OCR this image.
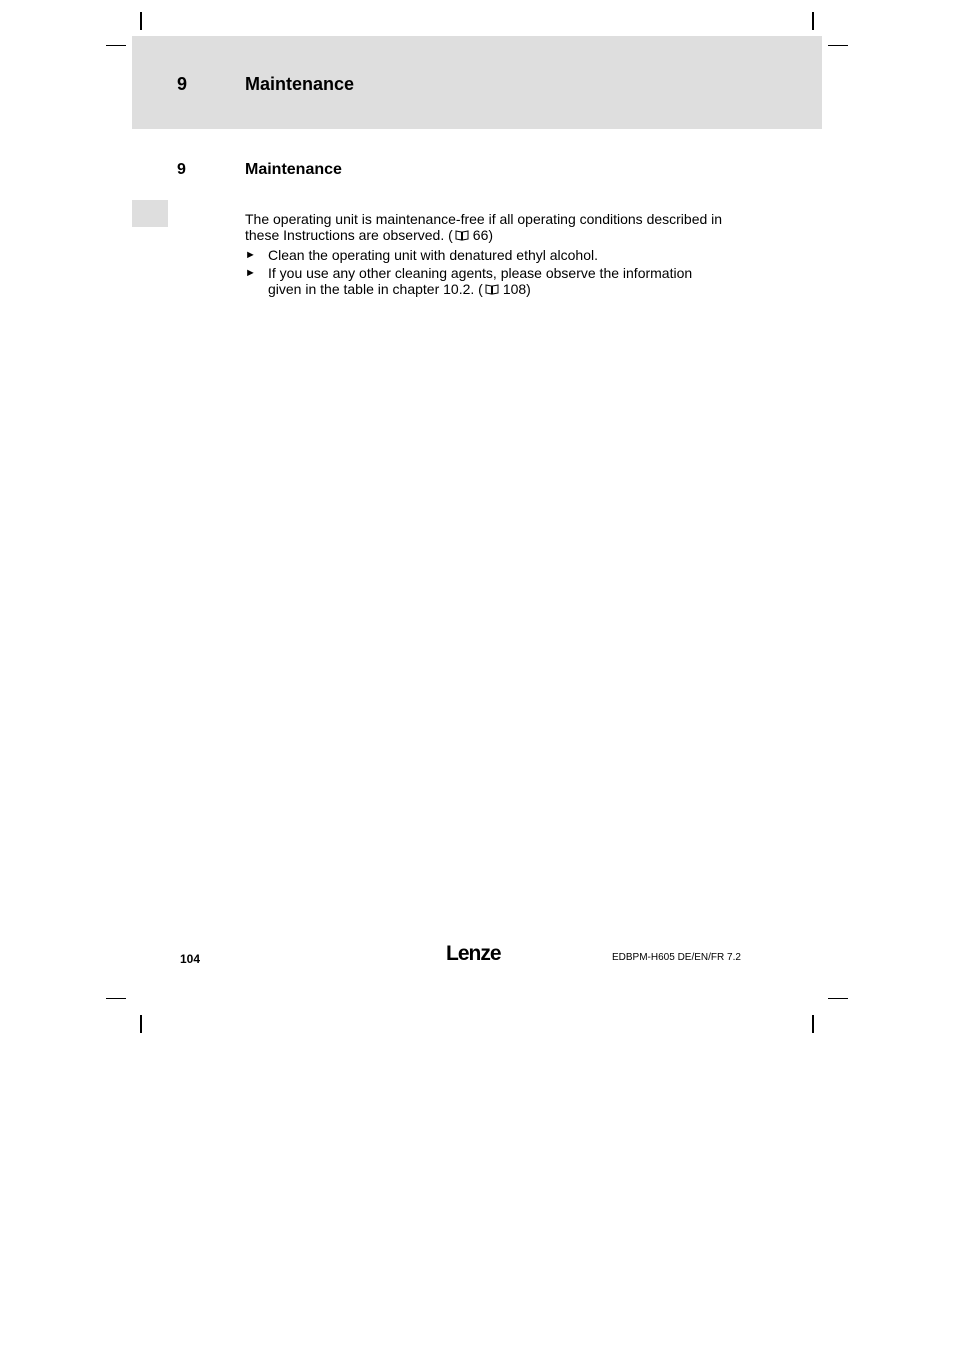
9	Maintenance
9	Maintenance
The operating unit is maintenance-free if all operating conditions described in
these Instructions are observed. ( 66)
► Clean the operating unit with denatured ethyl alcohol.
► If you use any other cleaning agents, please observe the information
given in the table in chapter 10.2. ( 108)
104	Lenze	EDBPM-H605 DE/EN/FR 7.2
